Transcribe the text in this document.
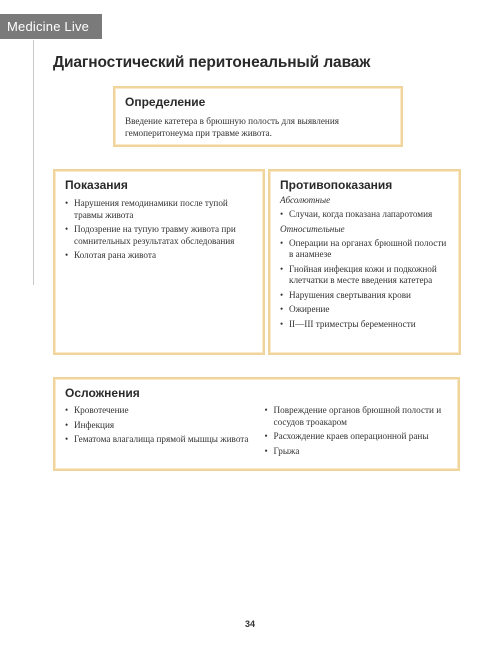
Medicine Live
Диагностический перитонеальный лаваж
Определение

Введение катетера в брюшную полость для выявления гемоперитонеума при травме живота.

Показания
• Нарушения гемодинамики после тупой травмы живота
• Подозрение на тупую травму живота при сомнительных результатах обследования
• Колотая рана живота
Противопоказания
Абсолютные
• Случаи, когда показана лапаротомия
Относительные
• Операции на органах брюшной полости в анамнезе
• Гнойная инфекция кожи и подкожной клетчатки в месте введения катетера
• Нарушения свертывания крови
• Ожирение
• II—III триместры беременности
Осложнения
• Кровотечение
• Инфекция
• Гематома влагалища прямой мышцы живота
• Повреждение органов брюшной полости и сосудов троакаром
• Расхождение краев операционной раны
• Грыжа
34
